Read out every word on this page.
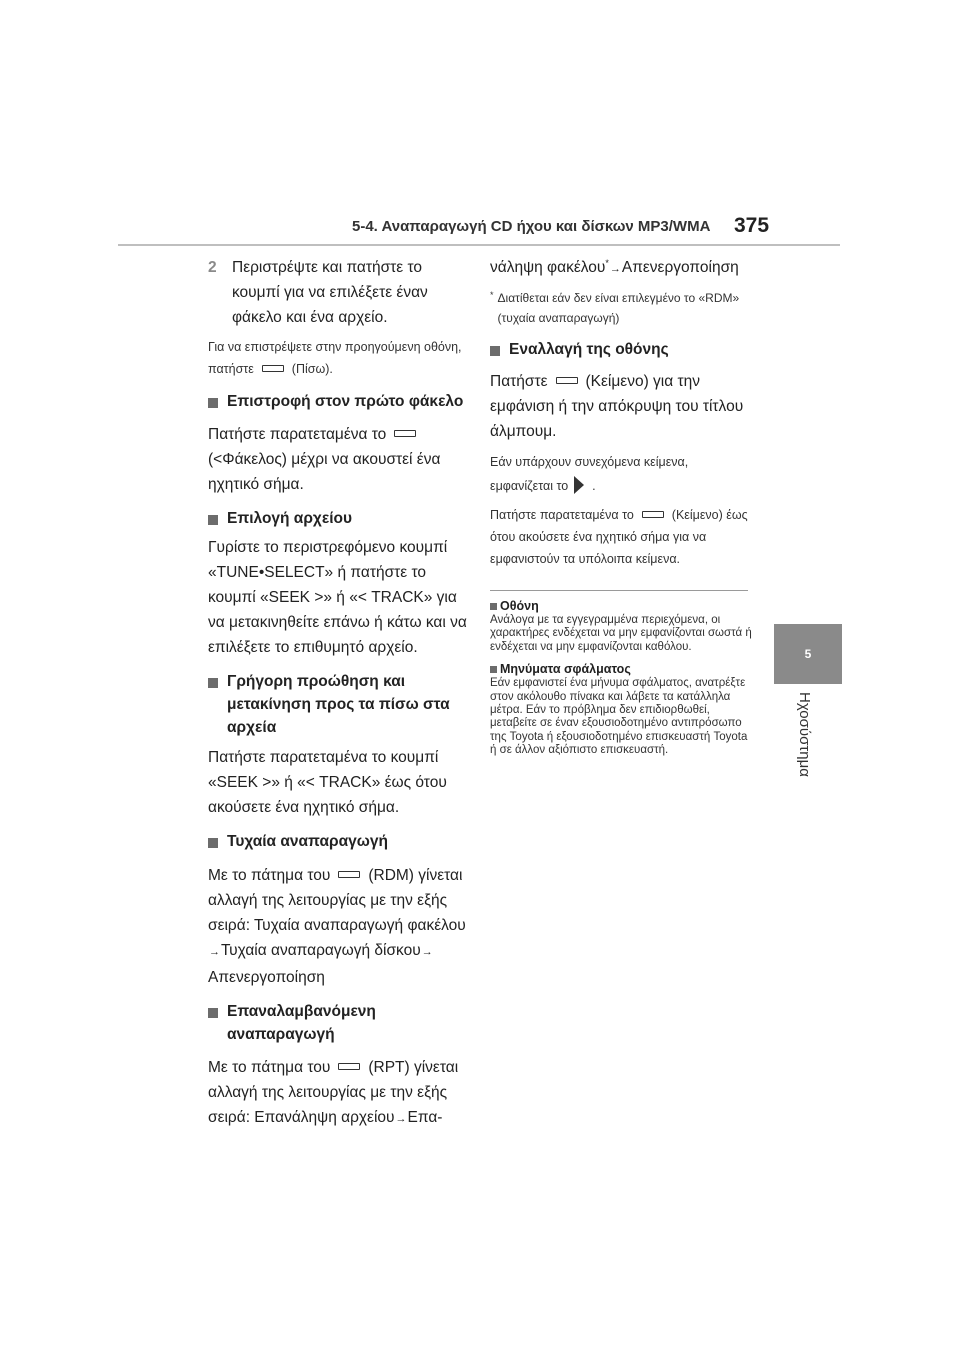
5-4. Αναπαραγωγή CD ήχου και δίσκων MP3/WMA 375
5
Ηχοσύστημα
2 Περιστρέψτε και πατήστε το κουμπί για να επιλέξετε έναν φάκελο και ένα αρχείο.

Για να επιστρέψετε στην προηγούμενη οθόνη, πατήστε	(Πίσω).

Επιστροφή στον πρώτο φάκελο

Πατήστε παρατεταμένα το(<Φάκελος) μέχρι να ακουστεί ένα ηχητικό σήμα.

Επιλογή αρχείου

Γυρίστε το περιστρεφόμενο κουμπί «TUNE•SELECT» ή πατήστε το κουμπί «SEEK >» ή «< TRACK» για να μετακινηθείτε επάνω ή κάτω και να επιλέξετε το επιθυμητό αρχείο.

Γρήγορη προώθηση και μετακίνηση προς τα πίσω στα αρχεία

Πατήστε παρατεταμένα το κουμπί «SEEK >» ή «< TRACK» έως ότου ακούσετε ένα ηχητικό σήμα.

Τυχαία αναπαραγωγή

Με το πάτημα του (RDM) γίνεται αλλαγή της λειτουργίας με την εξής σειρά: Τυχαία αναπαραγωγή φακέλου→Τυχαία αναπαραγωγή δίσκου→Απενεργοποίηση

Επαναλαμβανόμενη αναπαραγωγή

Με το πάτημα του (RPT) γίνεται αλλαγή της λειτουργίας με την εξής σειρά: Επανάληψη αρχείου→Επα-

νάληψη φακέλου*→Απενεργοποίηση

* Διατίθεται εάν δεν είναι επιλεγμένο το «RDM» (τυχαία αναπαραγωγή)
Εναλλαγή της οθόνης

Πατήστε (Κείμενο) για την εμφάνιση ή την απόκρυψη του τίτλου άλμπουμ.

Εάν υπάρχουν συνεχόμενα κείμενα, εμφανίζεται το .

Πατήστε παρατεταμένα το	(Κείμενο) έως ότου ακούσετε ένα ηχητικό σήμα για να εμφανιστούν τα υπόλοιπα κείμενα.

Οθόνη

Ανάλογα με τα εγγεγραμμένα περιεχόμενα, οι χαρακτήρες ενδέχεται να μην εμφανίζονται σωστά ή ενδέχεται να μην εμφανίζονται καθόλου.

Μηνύματα σφάλματος

Εάν εμφανιστεί ένα μήνυμα σφάλματος, ανατρέξτε στον ακόλουθο πίνακα και λάβετε τα κατάλληλα μέτρα. Εάν το πρόβλημα δεν επιδιορθωθεί, μεταβείτε σε έναν εξουσιοδοτημένο αντιπρόσωπο της Toyota ή εξουσιοδοτημένο επισκευαστή Toyota ή σε άλλον αξιόπιστο επισκευαστή.
